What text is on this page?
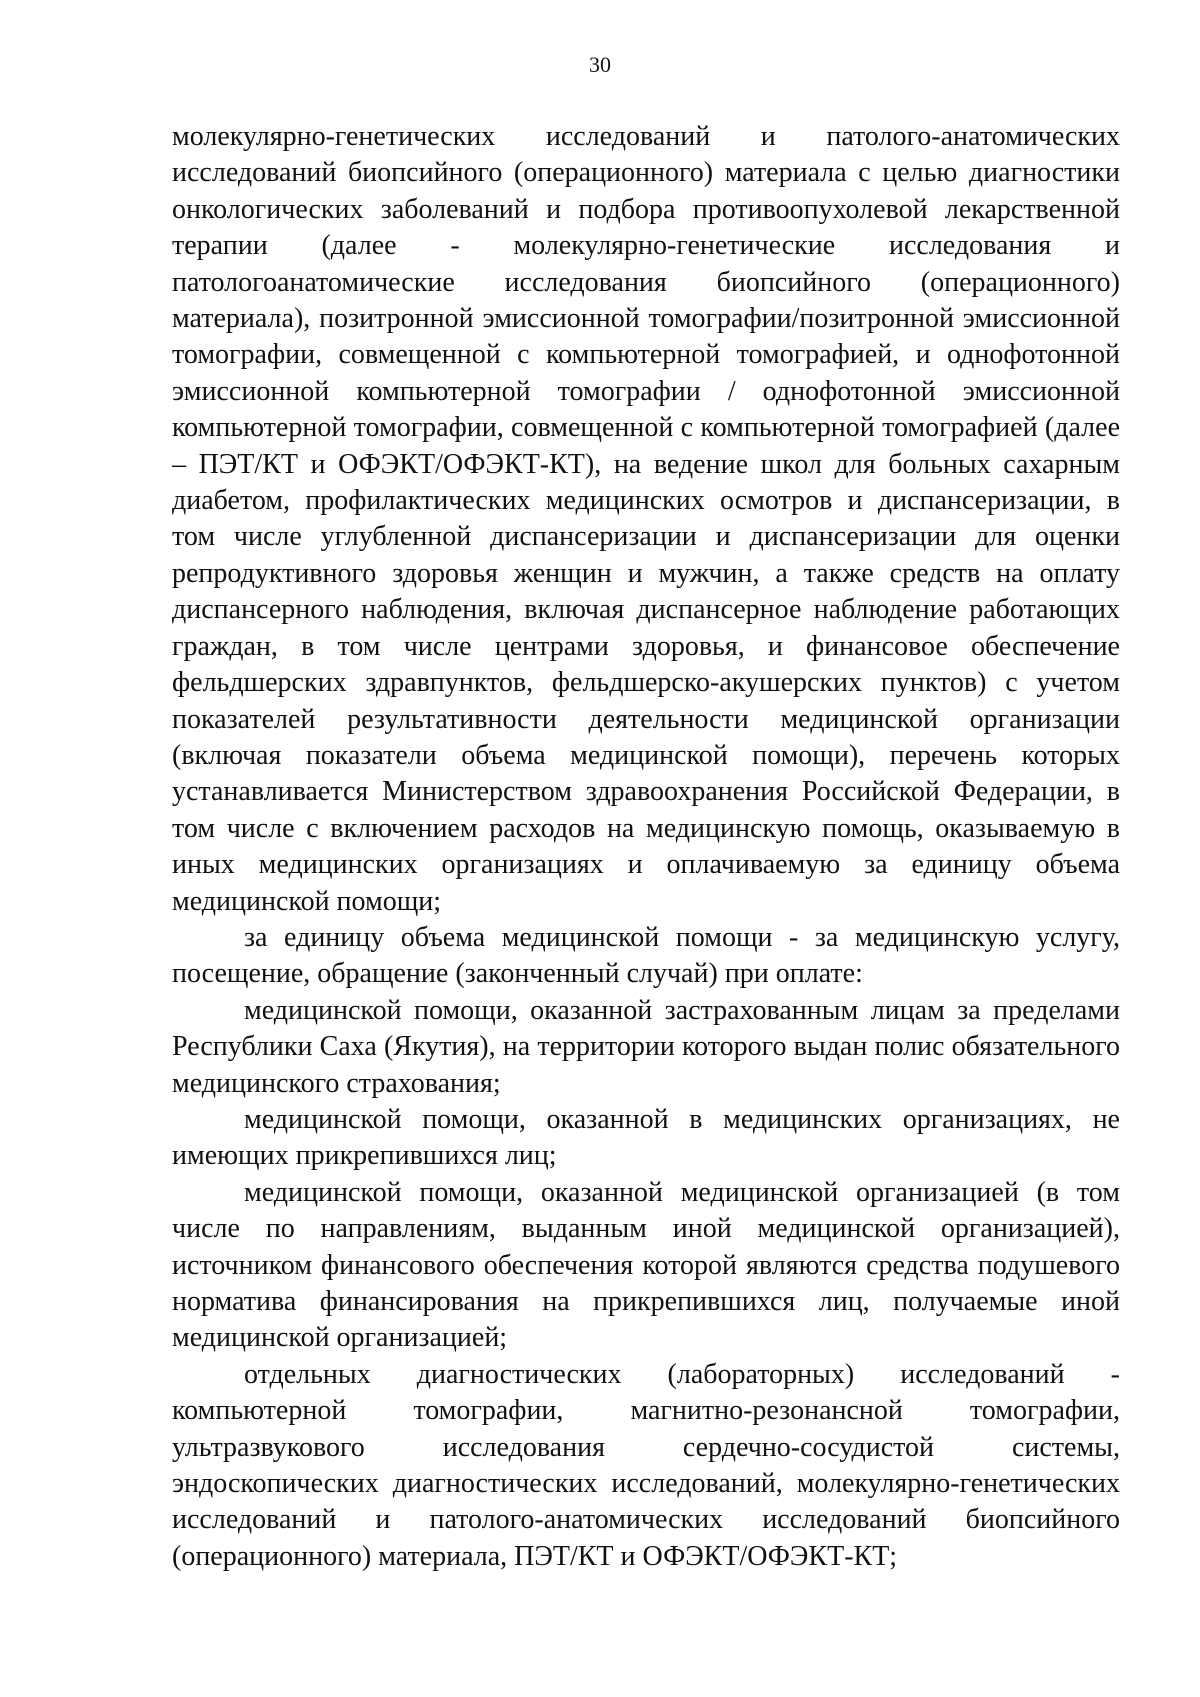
30

молекулярно-генетических исследований и патолого-анатомических исследований биопсийного (операционного) материала с целью диагностики онкологических заболеваний и подбора противоопухолевой лекарственной терапии (далее - молекулярно-генетические исследования и патологоанатомические исследования биопсийного (операционного) материала), позитронной эмиссионной томографии/позитронной эмиссионной томографии, совмещенной с компьютерной томографией, и однофотонной эмиссионной компьютерной томографии / однофотонной эмиссионной компьютерной томографии, совмещенной с компьютерной томографией (далее – ПЭТ/КТ и ОФЭКТ/ОФЭКТ-КТ), на ведение школ для больных сахарным диабетом, профилактических медицинских осмотров и диспансеризации, в том числе углубленной диспансеризации и диспансеризации для оценки репродуктивного здоровья женщин и мужчин, а также средств на оплату диспансерного наблюдения, включая диспансерное наблюдение работающих граждан, в том числе центрами здоровья, и финансовое обеспечение фельдшерских здравпунктов, фельдшерско-акушерских пунктов) с учетом показателей результативности деятельности медицинской организации (включая показатели объема медицинской помощи), перечень которых устанавливается Министерством здравоохранения Российской Федерации, в том числе с включением расходов на медицинскую помощь, оказываемую в иных медицинских организациях и оплачиваемую за единицу объема медицинской помощи;

за единицу объема медицинской помощи - за медицинскую услугу, посещение, обращение (законченный случай) при оплате:

медицинской помощи, оказанной застрахованным лицам за пределами Республики Саха (Якутия), на территории которого выдан полис обязательного медицинского страхования;

медицинской помощи, оказанной в медицинских организациях, не имеющих прикрепившихся лиц;

медицинской помощи, оказанной медицинской организацией (в том числе по направлениям, выданным иной медицинской организацией), источником финансового обеспечения которой являются средства подушевого норматива финансирования на прикрепившихся лиц, получаемые иной медицинской организацией;

отдельных диагностических (лабораторных) исследований - компьютерной томографии, магнитно-резонансной томографии, ультразвукового исследования сердечно-сосудистой системы, эндоскопических диагностических исследований, молекулярно-генетических исследований и патолого-анатомических исследований биопсийного (операционного) материала, ПЭТ/КТ и ОФЭКТ/ОФЭКТ-КТ;
